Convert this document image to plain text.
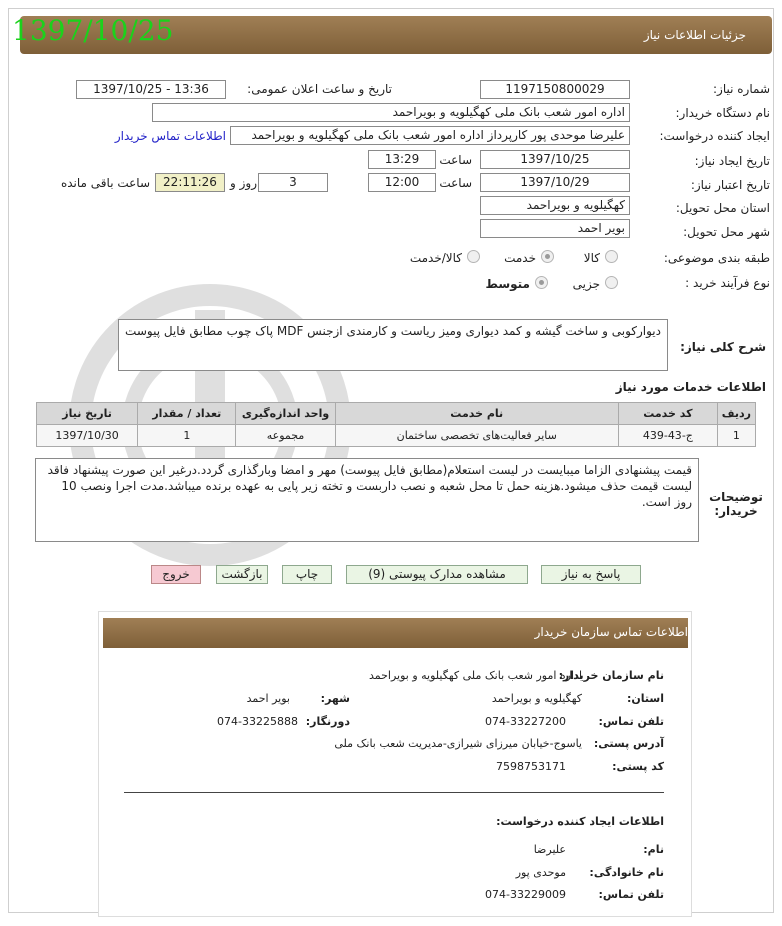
جزئیات اطلاعات نیاز
1397/10/25
شماره نیاز:
1197150800029
تاریخ و ساعت اعلان عمومی:
1397/10/25 - 13:36
نام دستگاه خریدار:
اداره امور شعب بانک ملی کهگیلویه و بویراحمد
ایجاد کننده درخواست:
علیرضا موحدی پور کارپرداز اداره امور شعب بانک ملی کهگیلویه و بویراحمد
اطلاعات تماس خریدار
تاریخ ایجاد نیاز:
1397/10/25
ساعت
13:29
تاریخ اعتبار نیاز:
1397/10/29
ساعت
12:00
3
روز و
22:11:26
ساعت باقی مانده
استان محل تحویل:
کهگیلویه و بویراحمد
شهر محل تحویل:
بویر احمد
طبقه بندی موضوعی:
کالا
خدمت
کالا/خدمت
نوع فرآیند خرید :
جزیی
متوسط
شرح کلی نیاز:
دیوارکوبی و ساخت گیشه و کمد دیواری ومیز ریاست و کارمندی ازجنس MDF پاک چوب مطابق فایل پیوست
اطلاعات خدمات مورد نیاز
ردیف	کد خدمت	نام خدمت	واحد اندازه‌گیری	تعداد / مقدار	تاریخ نیاز
1	ج-43-439	سایر فعالیت‌های تخصصی ساختمان	مجموعه	1	1397/10/30
توضیحات خریدار:
قیمت پیشنهادی الزاما میبایست در لیست استعلام(مطابق فایل پیوست) مهر و امضا وبارگذاری گردد.درغیر این صورت پیشنهاد فاقد لیست قیمت حذف میشود.هزینه حمل تا محل شعبه و نصب داربست و تخته زیر پایی به عهده برنده میباشد.مدت اجرا ونصب 10 روز است.
پاسخ به نیاز
مشاهده مدارک پیوستی (9)
چاپ
بازگشت
خروج
اطلاعات تماس سازمان خریدار
نام سازمان خریدار:
اداره امور شعب بانک ملی کهگیلویه و بویراحمد
استان:
کهگیلویه و بویراحمد
شهر:
بویر احمد
تلفن تماس:
074-33227200
دورنگار:
074-33225888
آدرس پستی:
یاسوج-خیابان میرزای شیرازی-مدیریت شعب بانک ملی
کد پستی:
7598753171
اطلاعات ایجاد کننده درخواست:
نام:
علیرضا
نام خانوادگی:
موحدی پور
تلفن تماس:
074-33229009
